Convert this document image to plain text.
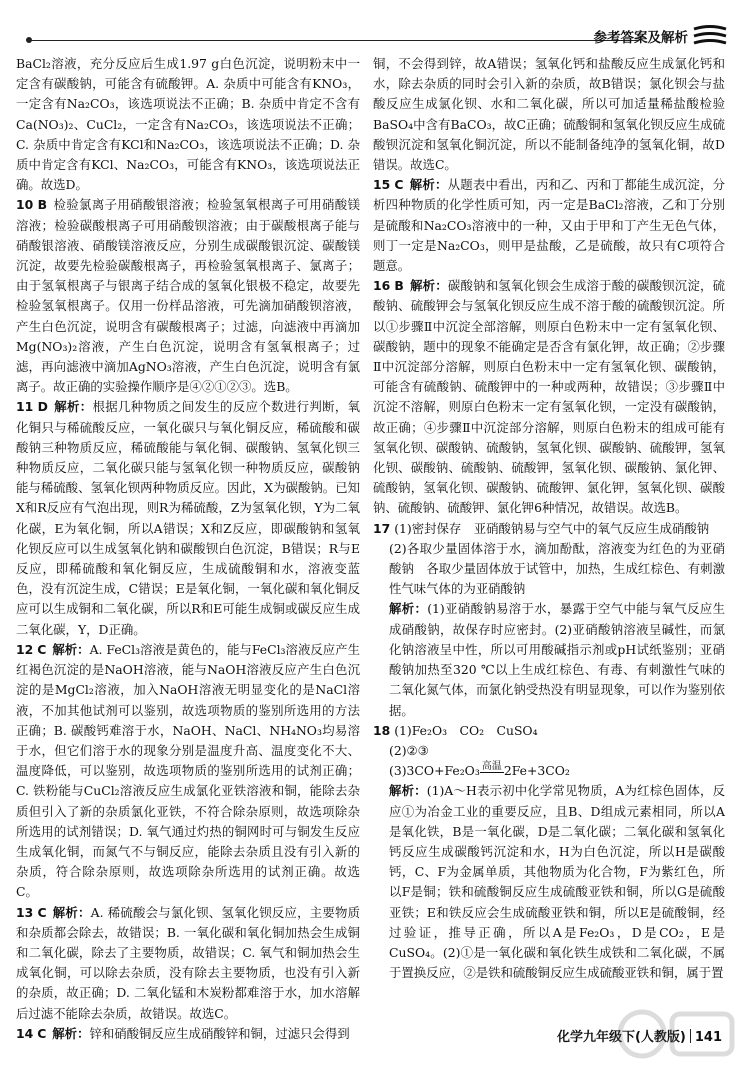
参考答案及解析

BaCl₂溶液，充分反应后生成1.97 g白色沉淀，说明粉末中一定含有碳酸钠，可能含有硫酸钾。A. 杂质中可能含有KNO₃，一定含有Na₂CO₃，该选项说法不正确；B. 杂质中肯定不含有Ca(NO₃)₂、CuCl₂，一定含有Na₂CO₃，该选项说法不正确；C. 杂质中肯定含有KCl和Na₂CO₃，该选项说法不正确；D. 杂质中肯定含有KCl、Na₂CO₃，可能含有KNO₃，该选项说法正确。故选D。

10 B 检验氯离子用硝酸银溶液；检验氢氧根离子可用硝酸镁溶液；检验碳酸根离子可用硝酸钡溶液；由于碳酸根离子能与硝酸银溶液、硝酸镁溶液反应，分别生成碳酸银沉淀、碳酸镁沉淀，故要先检验碳酸根离子，再检验氢氧根离子、氯离子；由于氢氧根离子与银离子结合成的氢氧化银极不稳定，故要先检验氢氧根离子。仅用一份样品溶液，可先滴加硝酸钡溶液，产生白色沉淀，说明含有碳酸根离子；过滤，向滤液中再滴加Mg(NO₃)₂溶液，产生白色沉淀，说明含有氢氧根离子；过滤，再向滤液中滴加AgNO₃溶液，产生白色沉淀，说明含有氯离子。故正确的实验操作顺序是④②①②③。选B。

11 D 解析：根据几种物质之间发生的反应个数进行判断，氧化铜只与稀硫酸反应，一氧化碳只与氧化铜反应，稀硫酸和碳酸钠三种物质反应，稀硫酸能与氧化铜、碳酸钠、氢氧化钡三种物质反应，二氧化碳只能与氢氧化钡一种物质反应，碳酸钠能与稀硫酸、氢氧化钡两种物质反应。因此，X为碳酸钠。已知X和R反应有气泡出现，则R为稀硫酸，Z为氢氧化钡，Y为二氧化碳，E为氧化铜，所以A错误；X和Z反应，即碳酸钠和氢氧化钡反应可以生成氢氧化钠和碳酸钡白色沉淀，B错误；R与E反应，即稀硫酸和氧化铜反应，生成硫酸铜和水，溶液变蓝色，没有沉淀生成，C错误；E是氧化铜，一氧化碳和氧化铜反应可以生成铜和二氧化碳，所以R和E可能生成铜或碳反应生成二氧化碳，Y，D正确。

12 C 解析：A. FeCl₃溶液是黄色的，能与FeCl₃溶液反应产生红褐色沉淀的是NaOH溶液，能与NaOH溶液反应产生白色沉淀的是MgCl₂溶液，加入NaOH溶液无明显变化的是NaCl溶液，不加其他试剂可以鉴别，故选项物质的鉴别所选用的方法正确；B. 碳酸钙难溶于水，NaOH、NaCl、NH₄NO₃均易溶于水，但它们溶于水的现象分别是温度升高、温度变化不大、温度降低，可以鉴别，故选项物质的鉴别所选用的试剂正确；C. 铁粉能与CuCl₂溶液反应生成氯化亚铁溶液和铜，能除去杂质但引入了新的杂质氯化亚铁，不符合除杂原则，故选项除杂所选用的试剂错误；D. 氧气通过灼热的铜网时可与铜发生反应生成氧化铜，而氮气不与铜反应，能除去杂质且没有引入新的杂质，符合除杂原则，故选项除杂所选用的试剂正确。故选C。

13 C 解析：A. 稀硫酸会与氯化钡、氢氧化钡反应，主要物质和杂质都会除去，故错误；B. 一氧化碳和氧化铜加热会生成铜和二氧化碳，除去了主要物质，故错误；C. 氧气和铜加热会生成氧化铜，可以除去杂质，没有除去主要物质，也没有引入新的杂质，故正确；D. 二氧化锰和木炭粉都难溶于水，加水溶解后过滤不能除去杂质，故错误。故选C。

14 C 解析：锌和硝酸铜反应生成硝酸锌和铜，过滤只会得到

铜，不会得到锌，故A错误；氢氧化钙和盐酸反应生成氯化钙和水，除去杂质的同时会引入新的杂质，故B错误；氯化钡会与盐酸反应生成氯化钡、水和二氧化碳，所以可加适量稀盐酸检验BaSO₄中含有BaCO₃，故C正确；硫酸铜和氢氧化钡反应生成硫酸钡沉淀和氢氧化铜沉淀，所以不能制备纯净的氢氧化铜，故D错误。故选C。

15 C 解析：从题表中看出，丙和乙、丙和丁都能生成沉淀，分析四种物质的化学性质可知，丙一定是BaCl₂溶液，乙和丁分别是硫酸和Na₂CO₃溶液中的一种，又由于甲和丁产生无色气体，则丁一定是Na₂CO₃，则甲是盐酸，乙是硫酸，故只有C项符合题意。

16 B 解析：碳酸钠和氢氧化钡会生成溶于酸的碳酸钡沉淀，硫酸钠、硫酸钾会与氢氧化钡反应生成不溶于酸的硫酸钡沉淀。所以①步骤Ⅱ中沉淀全部溶解，则原白色粉末中一定有氢氧化钡、碳酸钠，题中的现象不能确定是否含有氯化钾，故正确；②步骤Ⅱ中沉淀部分溶解，则原白色粉末中一定有氢氧化钡、碳酸钠，可能含有硫酸钠、硫酸钾中的一种或两种，故错误；③步骤Ⅱ中沉淀不溶解，则原白色粉末一定有氢氧化钡，一定没有碳酸钠，故正确；④步骤Ⅱ中沉淀部分溶解，则原白色粉末的组成可能有氢氧化钡、碳酸钠、硫酸钠，氢氧化钡、碳酸钠、硫酸钾，氢氧化钡、碳酸钠、硫酸钠、硫酸钾，氢氧化钡、碳酸钠、氯化钾、硫酸钠，氢氧化钡、碳酸钠、硫酸钾、氯化钾，氢氧化钡、碳酸钠、硫酸钠、硫酸钾、氯化钾6种情况，故错误。故选B。

17 (1)密封保存　亚硝酸钠易与空气中的氧气反应生成硝酸钠

(2)各取少量固体溶于水，滴加酚酞，溶液变为红色的为亚硝酸钠　各取少量固体放于试管中，加热，生成红棕色、有刺激性气味气体的为亚硝酸钠

解析：(1)亚硝酸钠易溶于水，暴露于空气中能与氧气反应生成硝酸钠，故保存时应密封。(2)亚硝酸钠溶液呈碱性，而氯化钠溶液呈中性，所以可用酸碱指示剂或pH试纸鉴别；亚硝酸钠加热至320 ℃以上生成红棕色、有毒、有刺激性气味的二氧化氮气体，而氯化钠受热没有明显现象，可以作为鉴别依据。

18 (1)Fe₂O₃　CO₂　CuSO₄

(2)②③

(3)3CO+Fe₂O₃ 高温 2Fe+3CO₂

解析：(1)A～H表示初中化学常见物质，A为红棕色固体，反应①为冶金工业的重要反应，且B、D组成元素相同，所以A是氧化铁，B是一氧化碳，D是二氧化碳；二氧化碳和氢氧化钙反应生成碳酸钙沉淀和水，H为白色沉淀，所以H是碳酸钙，C、F为金属单质，其他物质为化合物，F为紫红色，所以F是铜；铁和硫酸铜反应生成硫酸亚铁和铜，所以G是硫酸亚铁；E和铁反应会生成硫酸亚铁和铜，所以E是硫酸铜，经过验证，推导正确，所以A是Fe₂O₃，D是CO₂，E是CuSO₄。(2)①是一氧化碳和氧化铁生成铁和二氧化碳，不属于置换反应，②是铁和硫酸铜反应生成硫酸亚铁和铜，属于置

化学九年级下(人教版) 141
